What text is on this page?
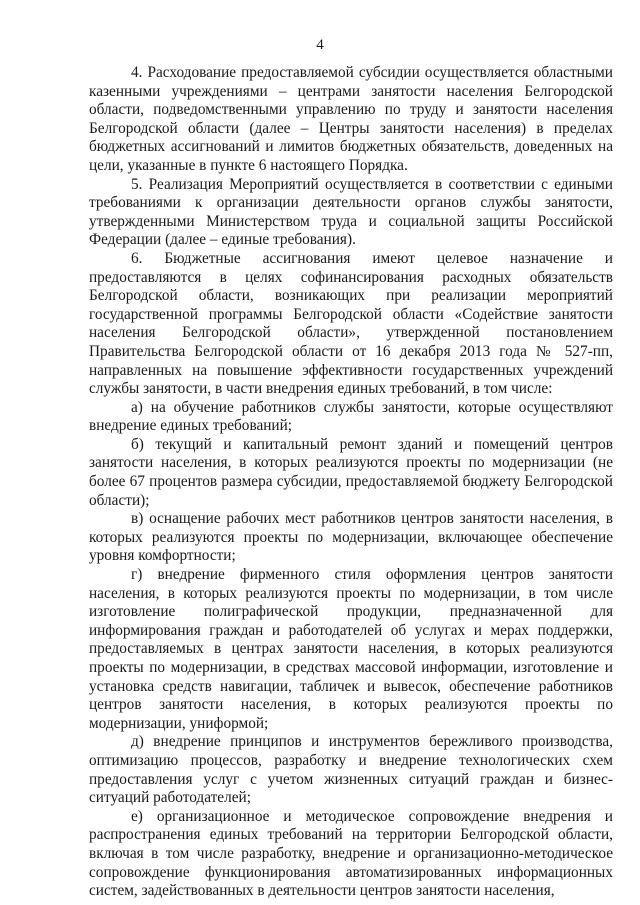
4

4. Расходование предоставляемой субсидии осуществляется областными казенными учреждениями – центрами занятости населения Белгородской области, подведомственными управлению по труду и занятости населения Белгородской области (далее – Центры занятости населения) в пределах бюджетных ассигнований и лимитов бюджетных обязательств, доведенных на цели, указанные в пункте 6 настоящего Порядка.

5. Реализация Мероприятий осуществляется в соответствии с едиными требованиями к организации деятельности органов службы занятости, утвержденными Министерством труда и социальной защиты Российской Федерации (далее – единые требования).

6. Бюджетные ассигнования имеют целевое назначение и предоставляются в целях софинансирования расходных обязательств Белгородской области, возникающих при реализации мероприятий государственной программы Белгородской области «Содействие занятости населения Белгородской области», утвержденной постановлением Правительства Белгородской области от 16 декабря 2013 года № 527-пп, направленных на повышение эффективности государственных учреждений службы занятости, в части внедрения единых требований, в том числе:

а) на обучение работников службы занятости, которые осуществляют внедрение единых требований;

б) текущий и капитальный ремонт зданий и помещений центров занятости населения, в которых реализуются проекты по модернизации (не более 67 процентов размера субсидии, предоставляемой бюджету Белгородской области);

в) оснащение рабочих мест работников центров занятости населения, в которых реализуются проекты по модернизации, включающее обеспечение уровня комфортности;

г) внедрение фирменного стиля оформления центров занятости населения, в которых реализуются проекты по модернизации, в том числе изготовление полиграфической продукции, предназначенной для информирования граждан и работодателей об услугах и мерах поддержки, предоставляемых в центрах занятости населения, в которых реализуются проекты по модернизации, в средствах массовой информации, изготовление и установка средств навигации, табличек и вывесок, обеспечение работников центров занятости населения, в которых реализуются проекты по модернизации, униформой;

д) внедрение принципов и инструментов бережливого производства, оптимизацию процессов, разработку и внедрение технологических схем предоставления услуг с учетом жизненных ситуаций граждан и бизнес-ситуаций работодателей;

е) организационное и методическое сопровождение внедрения и распространения единых требований на территории Белгородской области, включая в том числе разработку, внедрение и организационно-методическое сопровождение функционирования автоматизированных информационных систем, задействованных в деятельности центров занятости населения,
